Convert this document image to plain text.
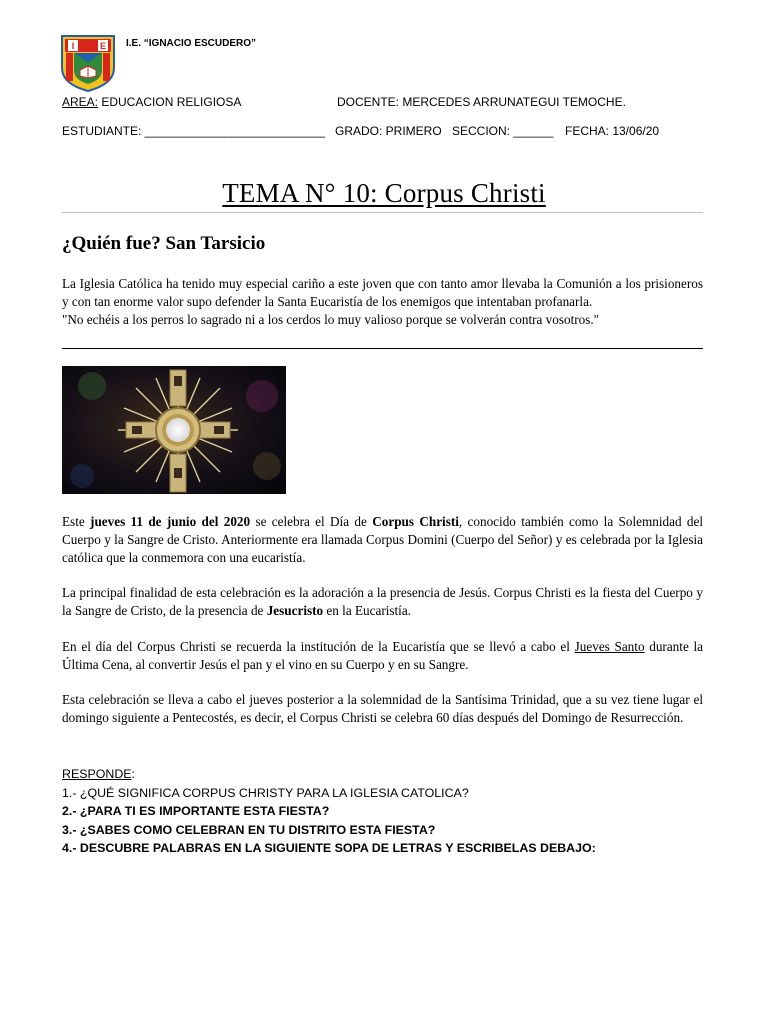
I	E I.E. “IGNACIO ESCUDERO”
AREA: EDUCACION RELIGIOSA	DOCENTE: MERCEDES ARRUNATEGUI TEMOCHE.
ESTUDIANTE: ___________________________ GRADO: PRIMERO SECCION: ______ FECHA: 13/06/20
TEMA N° 10: Corpus Christi
¿Quién fue? San Tarsicio
La Iglesia Católica ha tenido muy especial cariño a este joven que con tanto amor llevaba la Comunión a los prisioneros y con tan enorme valor supo defender la Santa Eucaristía de los enemigos que intentaban profanarla.
"No echéis a los perros lo sagrado ni a los cerdos lo muy valioso porque se volverán contra vosotros."
Este jueves 11 de junio del 2020 se celebra el Día de Corpus Christi, conocido también como la Solemnidad del Cuerpo y la Sangre de Cristo. Anteriormente era llamada Corpus Domini (Cuerpo del Señor) y es celebrada por la Iglesia católica que la conmemora con una eucaristía.
La principal finalidad de esta celebración es la adoración a la presencia de Jesús. Corpus Christi es la fiesta del Cuerpo y la Sangre de Cristo, de la presencia de Jesucristo en la Eucaristía.
En el día del Corpus Christi se recuerda la institución de la Eucaristía que se llevó a cabo el Jueves Santo durante la Última Cena, al convertir Jesús el pan y el vino en su Cuerpo y en su Sangre.
Esta celebración se lleva a cabo el jueves posterior a la solemnidad de la Santísima Trinidad, que a su vez tiene lugar el domingo siguiente a Pentecostés, es decir, el Corpus Christi se celebra 60 días después del Domingo de Resurrección.
RESPONDE:
1.- ¿QUÉ SIGNIFICA CORPUS CHRISTY PARA LA IGLESIA CATOLICA?
2.- ¿PARA TI ES IMPORTANTE ESTA FIESTA?
3.- ¿SABES COMO CELEBRAN EN TU DISTRITO ESTA FIESTA?
4.- DESCUBRE PALABRAS EN LA SIGUIENTE SOPA DE LETRAS Y ESCRIBELAS DEBAJO:
